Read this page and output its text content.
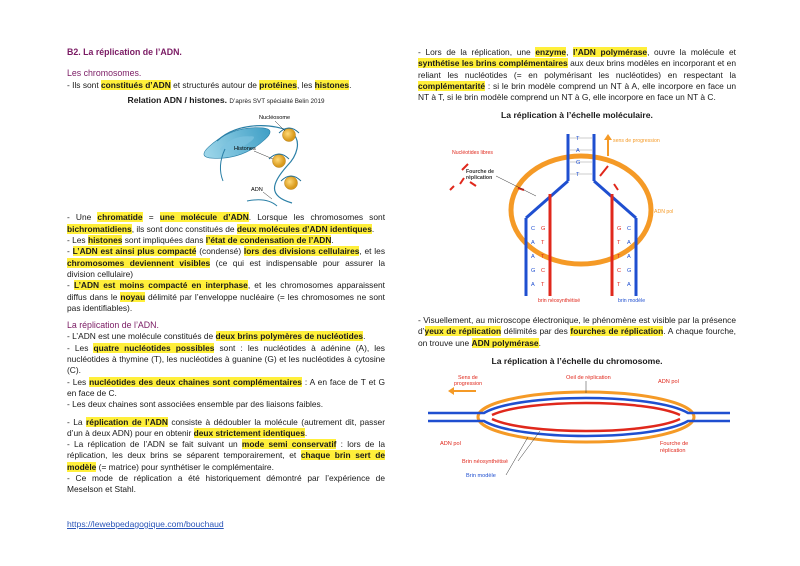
B2. La réplication de l’ADN.

Les chromosomes.

- Ils sont constitués d’ADN et structurés autour de protéines, les histones.

Relation ADN / histones. D’après SVT spécialité Belin 2019

Nucléosome
Histones
ADN

- Une chromatide = une molécule d’ADN. Lorsque les chromosomes sont bichromatidiens, ils sont donc constitués de deux molécules d’ADN identiques.

- Les histones sont impliquées dans l’état de condensation de l’ADN.

- L’ADN est ainsi plus compacté (condensé) lors des divisions cellulaires, et les chromosomes deviennent visibles (ce qui est indispensable pour assurer la division cellulaire)

- L’ADN est moins compacté en interphase, et les chromosomes apparaissent diffus dans le noyau délimité par l’enveloppe nucléaire (= les chromosomes ne sont pas identifiables).

La réplication de l’ADN.

- L’ADN est une molécule constitués de deux brins polymères de nucléotides.

- Les quatre nucléotides possibles sont : les nucléotides à adénine (A), les nucléotides à thymine (T), les nucléotides à guanine (G) et les nucléotides à cytosine (C).

- Les nucléotides des deux chaines sont complémentaires : A en face de T et G en face de C.

- Les deux chaines sont associées ensemble par des liaisons faibles.

- La réplication de l’ADN consiste à dédoubler la molécule (autrement dit, passer d’un à deux ADN) pour en obtenir deux strictement identiques.

- La réplication de l’ADN se fait suivant un mode semi conservatif : lors de la réplication, les deux brins se séparent temporairement, et chaque brin sert de modèle (= matrice) pour synthétiser le complémentaire.

- Ce mode de réplication a été historiquement démontré par l’expérience de Meselson et Stahl.

- Lors de la réplication, une enzyme, l’ADN polymérase, ouvre la molécule et synthétise les brins complémentaires aux deux brins modèles en incorporant et en reliant les nucléotides (= en polymérisant les nucléotides) en respectant la complémentarité : si le brin modèle comprend un NT à A, elle incorpore en face un NT à T, si le brin modèle comprend un NT à G, elle incorpore en face un NT à C.

La réplication à l’échelle moléculaire.

T
A
G
T
C G	G C
A T	T A
A T	T A
G C	C G
A T	T A
sens de progression
Nucléotides libres
Fourche de
réplication
ADN pol
brin néosynthétisé	brin modèle

- Visuellement, au microscope électronique, le phénomène est visible par la présence d’yeux de réplication délimités par des fourches de réplication. A chaque fourche, on trouve une ADN polymérase.

La réplication à l’échelle du chromosome.

Sens de
progression
Oeil de réplication
ADN pol
ADN pol	Fourche de
réplication
Brin néosynthétisé
Brin modèle
https://lewebpedagogique.com/bouchaud
